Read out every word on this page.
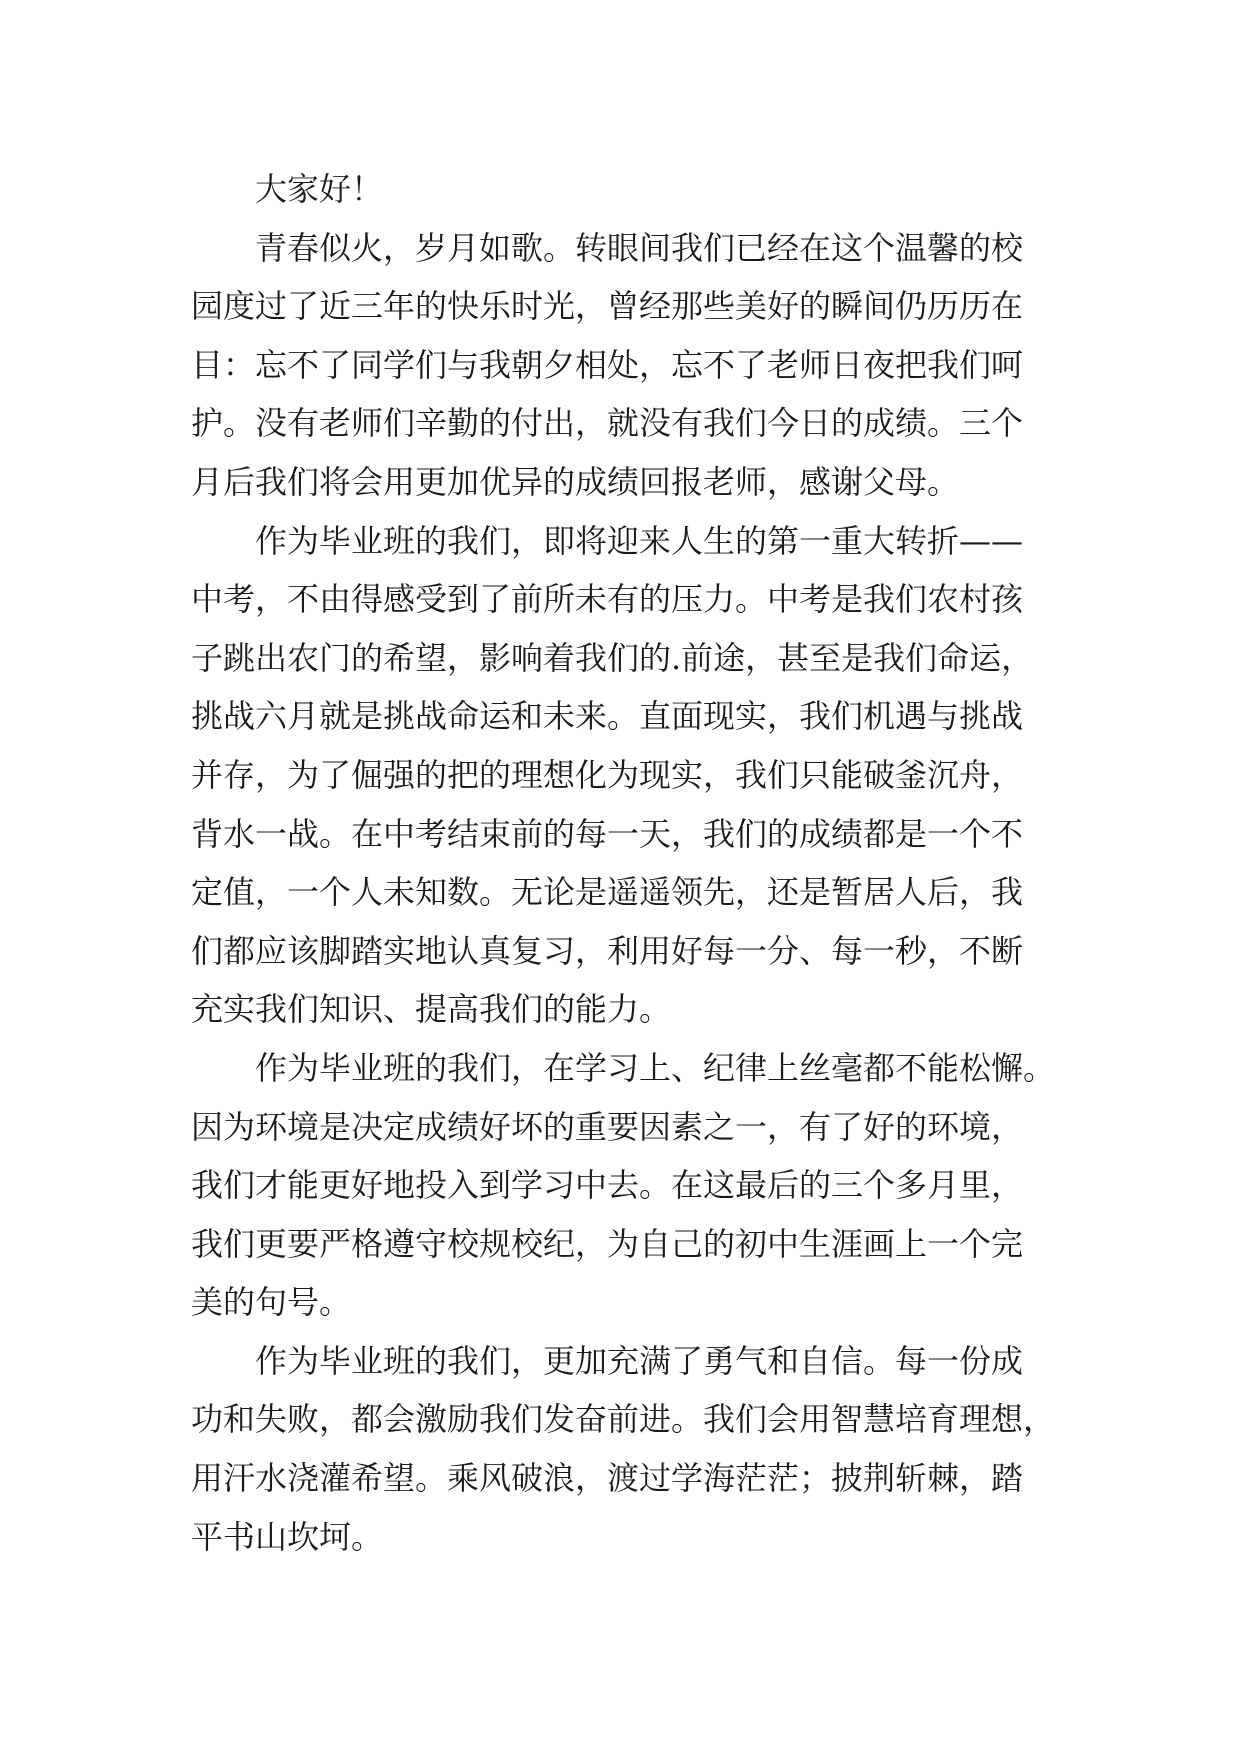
大家好！
青春似火，岁月如歌。转眼间我们已经在这个温馨的校
园度过了近三年的快乐时光，曾经那些美好的瞬间仍历历在
目：忘不了同学们与我朝夕相处，忘不了老师日夜把我们呵
护。没有老师们辛勤的付出，就没有我们今日的成绩。三个
月后我们将会用更加优异的成绩回报老师，感谢父母。
作为毕业班的我们，即将迎来人生的第一重大转折——
中考，不由得感受到了前所未有的压力。中考是我们农村孩
子跳出农门的希望，影响着我们的.前途，甚至是我们命运，
挑战六月就是挑战命运和未来。直面现实，我们机遇与挑战
并存，为了倔强的把的理想化为现实，我们只能破釜沉舟，
背水一战。在中考结束前的每一天，我们的成绩都是一个不
定值，一个人未知数。无论是遥遥领先，还是暂居人后，我
们都应该脚踏实地认真复习，利用好每一分、每一秒，不断
充实我们知识、提高我们的能力。
作为毕业班的我们，在学习上、纪律上丝毫都不能松懈。
因为环境是决定成绩好坏的重要因素之一，有了好的环境，
我们才能更好地投入到学习中去。在这最后的三个多月里，
我们更要严格遵守校规校纪，为自己的初中生涯画上一个完
美的句号。
作为毕业班的我们，更加充满了勇气和自信。每一份成
功和失败，都会激励我们发奋前进。我们会用智慧培育理想，
用汗水浇灌希望。乘风破浪，渡过学海茫茫；披荆斩棘，踏
平书山坎坷。
